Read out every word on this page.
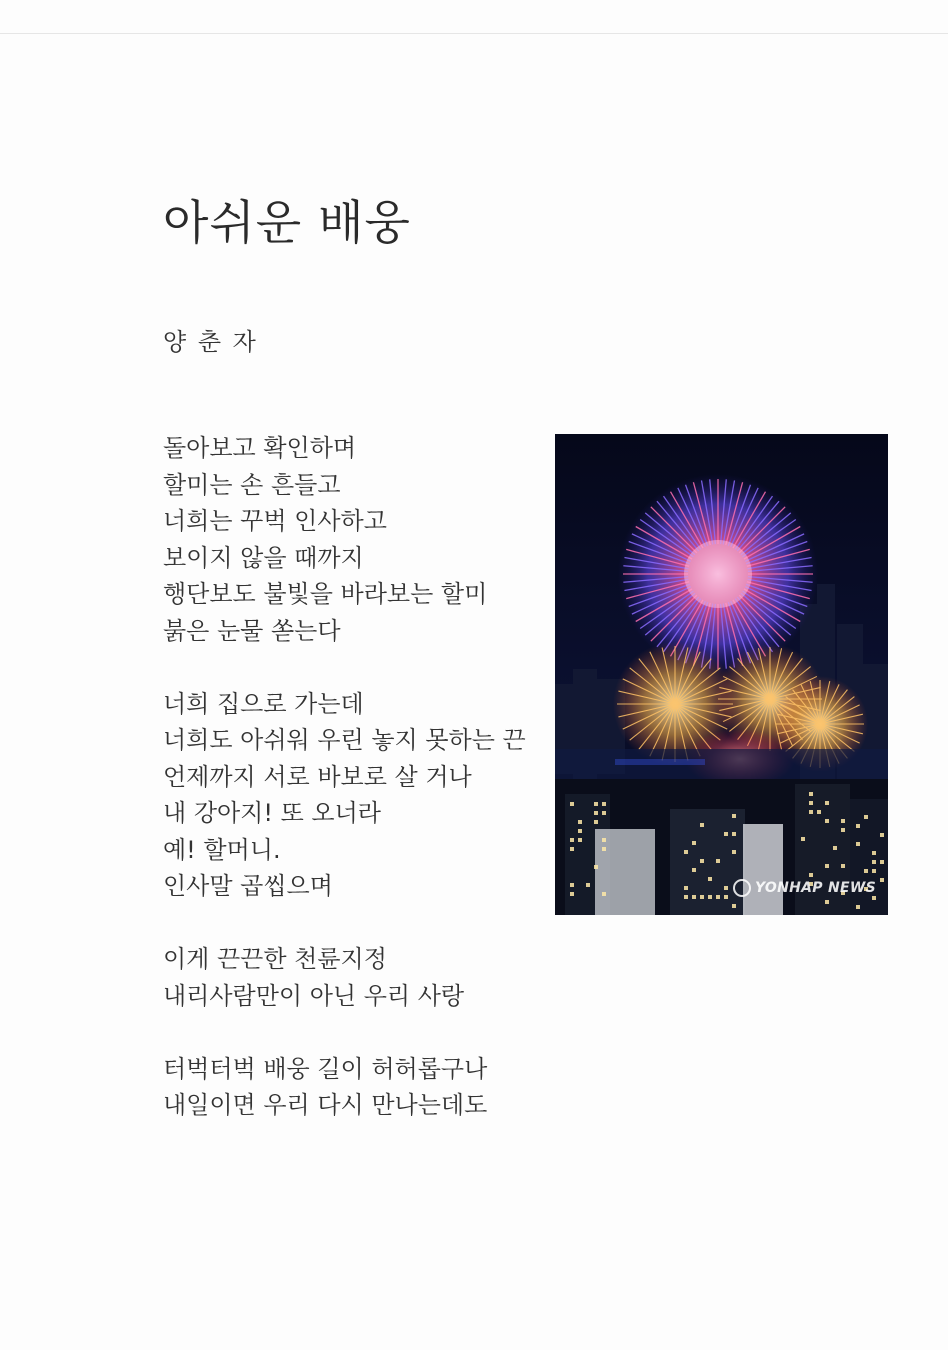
아쉬운 배웅
양 춘 자
돌아보고 확인하며
할미는 손 흔들고
너희는 꾸벅 인사하고
보이지 않을 때까지
행단보도 불빛을 바라보는 할미
붉은 눈물 쏟는다
너희 집으로 가는데
너희도 아쉬워 우린 놓지 못하는 끈
언제까지 서로 바보로 살 거나
내 강아지! 또 오너라
예! 할머니.
인사말 곱씹으며
이게 끈끈한 천륜지정
내리사람만이 아닌 우리 사랑
터벅터벅 배웅 길이 허허롭구나
내일이면 우리 다시 만나는데도
YONHAP NEWS
